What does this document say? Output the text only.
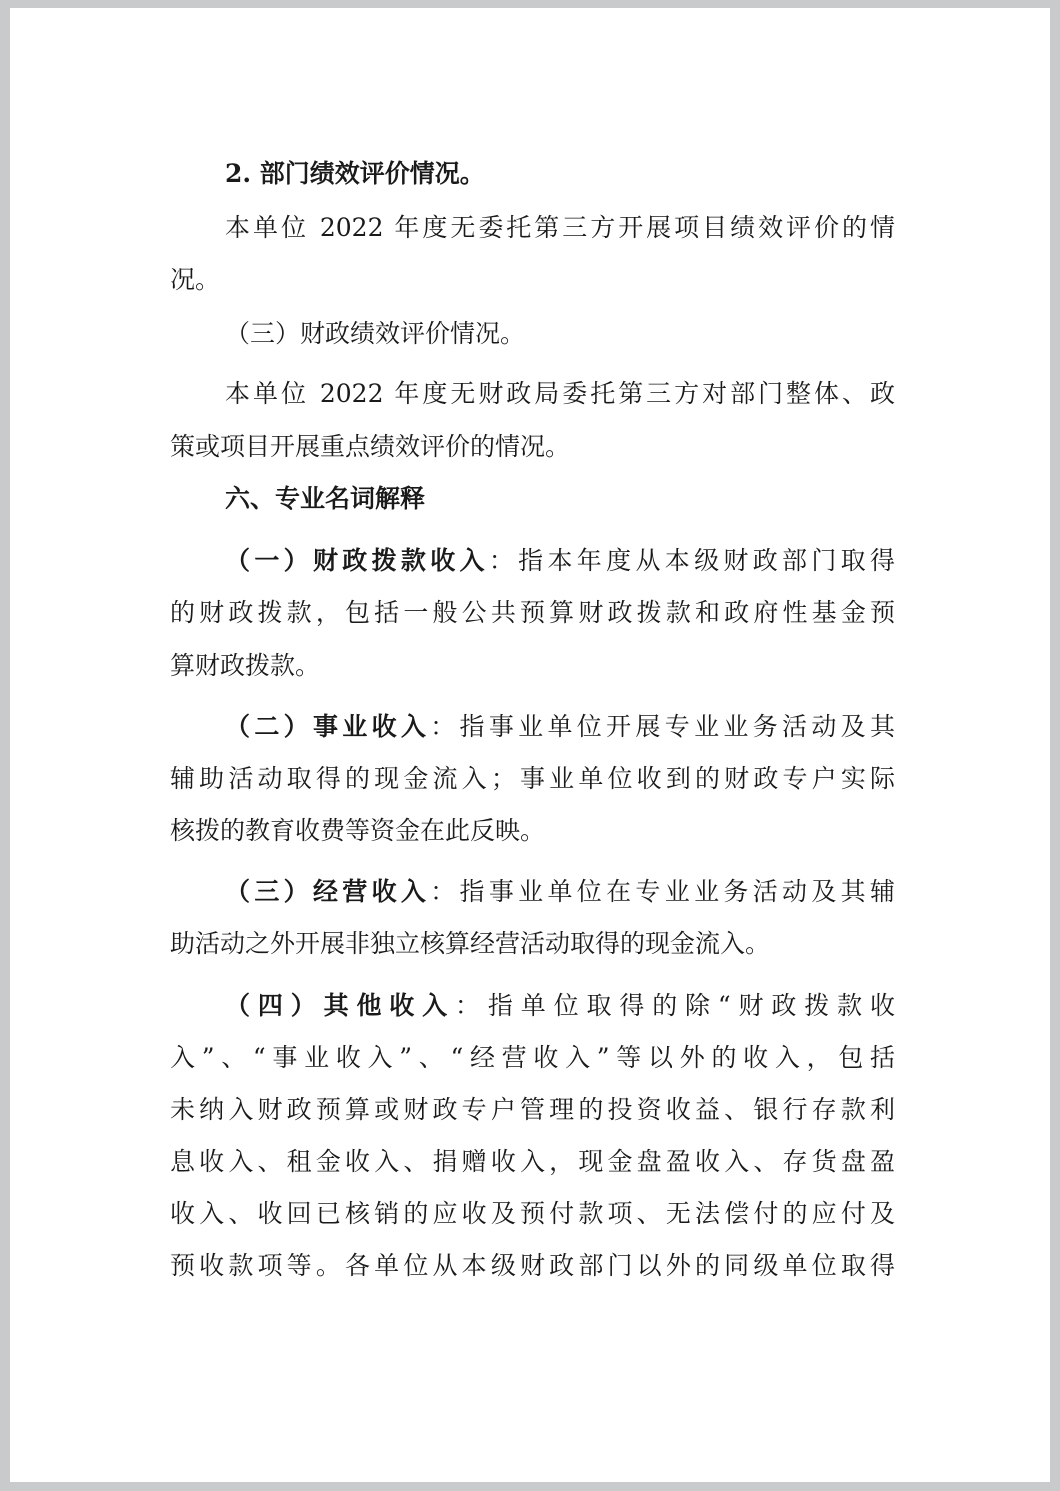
2. 部门绩效评价情况。
本单位 2022 年度无委托第三方开展项目绩效评价的情
况。
（三）财政绩效评价情况。
本单位 2022 年度无财政局委托第三方对部门整体、政
策或项目开展重点绩效评价的情况。
六、专业名词解释
（一）财政拨款收入：指本年度从本级财政部门取得
的财政拨款，包括一般公共预算财政拨款和政府性基金预
算财政拨款。
（二）事业收入：指事业单位开展专业业务活动及其
辅助活动取得的现金流入；事业单位收到的财政专户实际
核拨的教育收费等资金在此反映。
（三）经营收入：指事业单位在专业业务活动及其辅
助活动之外开展非独立核算经营活动取得的现金流入。
（四）其他收入：指单位取得的除“财政拨款收
入”、“事业收入”、“经营收入”等以外的收入，包括
未纳入财政预算或财政专户管理的投资收益、银行存款利
息收入、租金收入、捐赠收入，现金盘盈收入、存货盘盈
收入、收回已核销的应收及预付款项、无法偿付的应付及
预收款项等。各单位从本级财政部门以外的同级单位取得
